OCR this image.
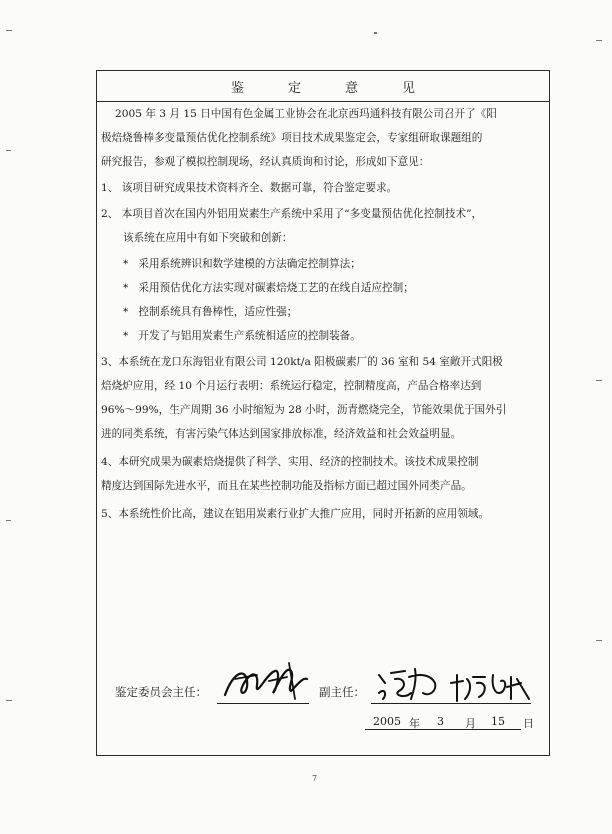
鉴定意见
2005 年 3 月 15 日中国有色金属工业协会在北京西玛通科技有限公司召开了《阳
极焙烧鲁棒多变量预估优化控制系统》项目技术成果鉴定会，专家组研取课题组的
研究报告，参观了模拟控制现场，经认真质询和讨论，形成如下意见：
1、 该项目研究成果技术资料齐全、数据可靠，符合鉴定要求。
2、 本项目首次在国内外铝用炭素生产系统中采用了“多变量预估优化控制技术”，
该系统在应用中有如下突破和创新：
* 采用系统辨识和数学建模的方法确定控制算法；
* 采用预估优化方法实现对碳素焙烧工艺的在线自适应控制；
* 控制系统具有鲁棒性，适应性强；
* 开发了与铝用炭素生产系统相适应的控制装备。
3、本系统在龙口东海铝业有限公司 120kt/a 阳极碳素厂的 36 室和 54 室敞开式阳极
焙烧炉应用，经 10 个月运行表明：系统运行稳定，控制精度高，产品合格率达到
96%～99%，生产周期 36 小时缩短为 28 小时，沥青燃烧完全，节能效果优于国外引
进的同类系统，有害污染气体达到国家排放标准，经济效益和社会效益明显。
4、本研究成果为碳素焙烧提供了科学、实用、经济的控制技术。该技术成果控制
精度达到国际先进水平，而且在某些控制功能及指标方面已超过国外同类产品。
5、本系统性价比高，建议在铝用炭素行业扩大推广应用，同时开拓新的应用领域。
鉴定委员会主任：	副主任：
2005 年 3 月 15 日
7
